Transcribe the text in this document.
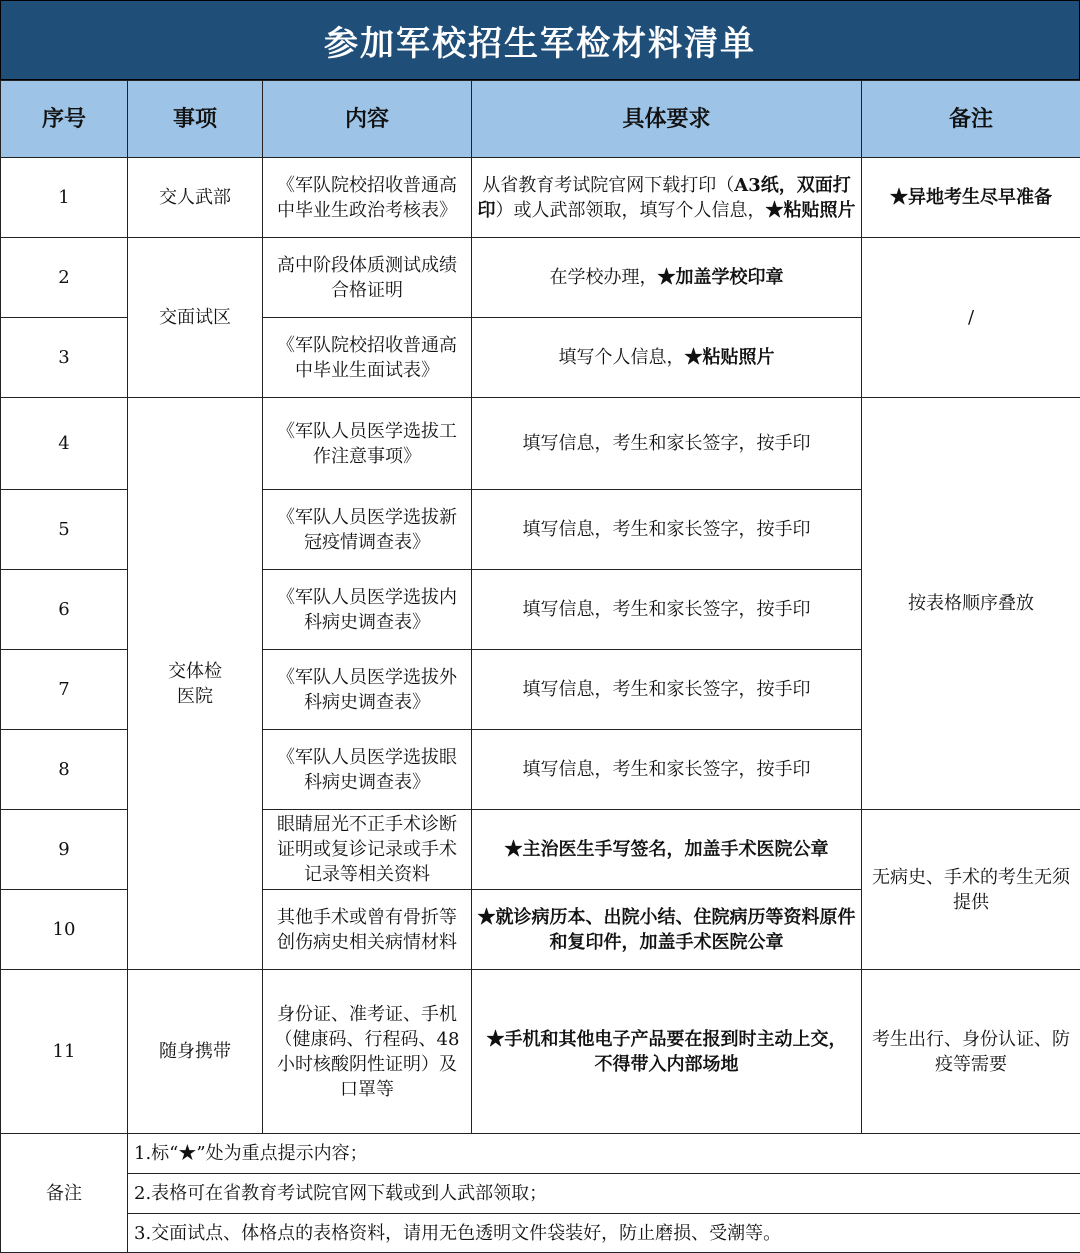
参加军校招生军检材料清单
序号	事项	内容	具体要求	备注
1	交人武部	《军队院校招收普通高中毕业生政治考核表》	从省教育考试院官网下载打印（A3纸，双面打印）或人武部领取，填写个人信息，★粘贴照片	★异地考生尽早准备
2	交面试区	高中阶段体质测试成绩合格证明	在学校办理，★加盖学校印章	/
3		《军队院校招收普通高中毕业生面试表》	填写个人信息，★粘贴照片	
4	交体检医院	《军队人员医学选拔工作注意事项》	填写信息，考生和家长签字，按手印	按表格顺序叠放
5		《军队人员医学选拔新冠疫情调查表》	填写信息，考生和家长签字，按手印	
6		《军队人员医学选拔内科病史调查表》	填写信息，考生和家长签字，按手印	
7		《军队人员医学选拔外科病史调查表》	填写信息，考生和家长签字，按手印	
8		《军队人员医学选拔眼科病史调查表》	填写信息，考生和家长签字，按手印	
9		眼睛屈光不正手术诊断证明或复诊记录或手术记录等相关资料	★主治医生手写签名，加盖手术医院公章	无病史、手术的考生无须提供
10		其他手术或曾有骨折等创伤病史相关病情材料	★就诊病历本、出院小结、住院病历等资料原件和复印件，加盖手术医院公章	
11	随身携带	身份证、准考证、手机（健康码、行程码、48小时核酸阴性证明）及口罩等	★手机和其他电子产品要在报到时主动上交，不得带入内部场地	考生出行、身份认证、防疫等需要
备注	1.标“★”处为重点提示内容；			
	2.表格可在省教育考试院官网下载或到人武部领取；			
	3.交面试点、体格点的表格资料，请用无色透明文件袋装好，防止磨损、受潮等。			
